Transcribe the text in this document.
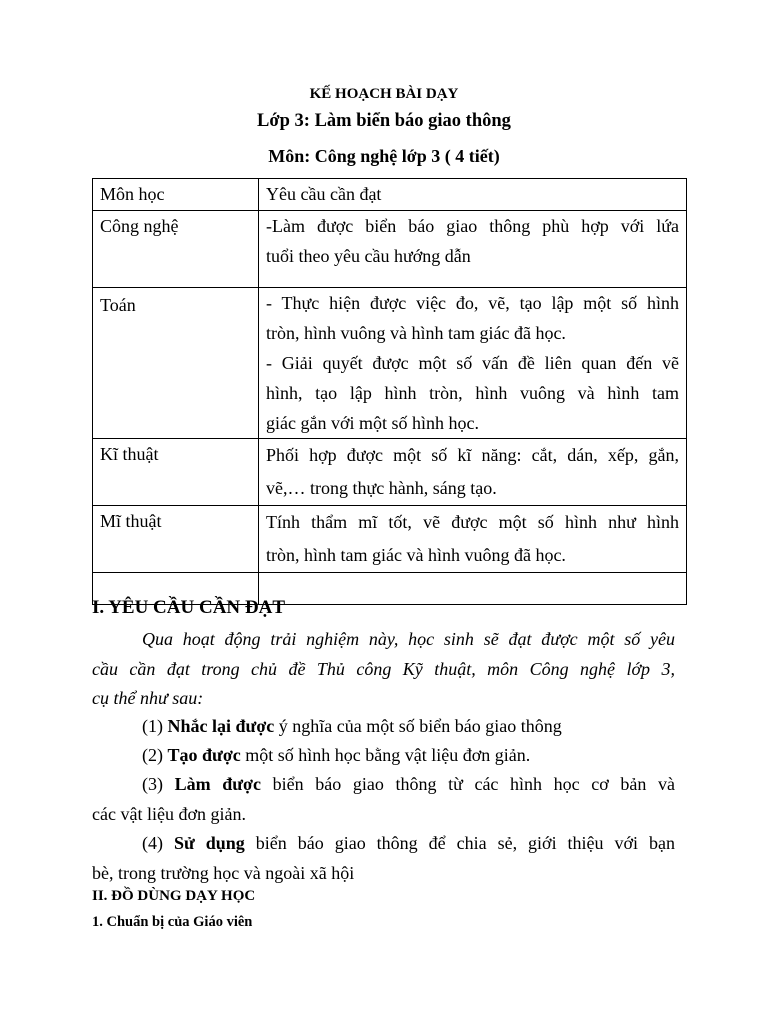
KẾ HOẠCH BÀI DẠY
Lớp 3: Làm biển báo giao thông
Môn: Công nghệ lớp 3 ( 4 tiết)
Môn học	Yêu cầu cần đạt
Công nghệ	-Làm được biển báo giao thông phù hợp với lứa
tuổi theo yêu cầu hướng dẫn

Toán	- Thực hiện được việc đo, vẽ, tạo lập một số hình
tròn, hình vuông và hình tam giác đã học.
- Giải quyết được một số vấn đề liên quan đến vẽ
hình, tạo lập hình tròn, hình vuông và hình tam
giác gắn với một số hình học.

Kĩ thuật	Phối hợp được một số kĩ năng: cắt, dán, xếp, gắn,
vẽ,… trong thực hành, sáng tạo.

Mĩ thuật	Tính thẩm mĩ tốt, vẽ được một số hình như hình
tròn, hình tam giác và hình vuông đã học.

I. YÊU CẦU CẦN ĐẠT
Qua hoạt động trải nghiệm này, học sinh sẽ đạt được một số yêu
cầu cần đạt trong chủ đề Thủ công Kỹ thuật, môn Công nghệ lớp 3,
cụ thể như sau:
(1) Nhắc lại được ý nghĩa của một số biển báo giao thông
(2) Tạo được một số hình học bằng vật liệu đơn giản.
(3) Làm được biển báo giao thông từ các hình học cơ bản và
các vật liệu đơn giản.
(4) Sử dụng biển báo giao thông để chia sẻ, giới thiệu với bạn
bè, trong trường học và ngoài xã hội
II. ĐỒ DÙNG DẠY HỌC
1. Chuẩn bị của Giáo viên
